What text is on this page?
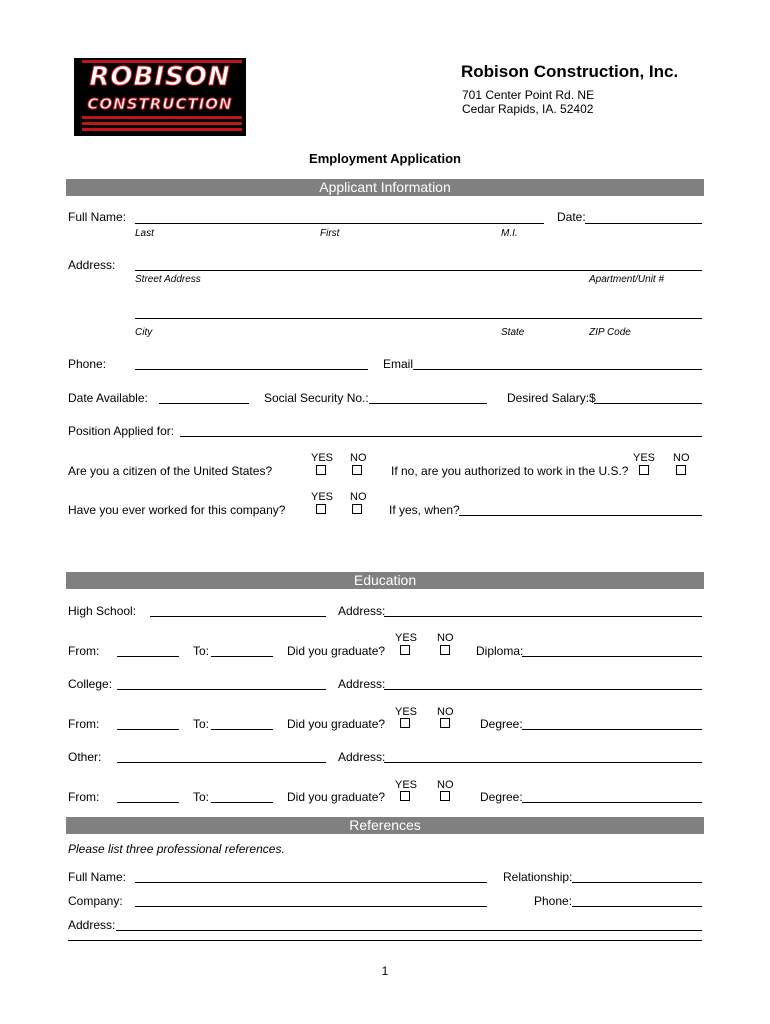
ROBISON
CONSTRUCTION
Robison Construction, Inc.
701 Center Point Rd. NE
Cedar Rapids, IA. 52402
Employment Application
Applicant Information
Full Name:	Date:
Last	First	M.I.
Address:
Street Address	Apartment/Unit #
City	State	ZIP Code
Phone:	Email
Date Available:	Social Security No.:	Desired Salary:$
Position Applied for:
YES NO
Are you a citizen of the United States?
YES NO
If no, are you authorized to work in the U.S.?
YES NO
Have you ever worked for this company?	If yes, when?
Education
High School:	Address:
YES NO
From:	To:	Did you graduate?	Diploma:
College:	Address:
YES NO
From:	To:	Did you graduate?	Degree:
Other:	Address:
YES NO
From:	To:	Did you graduate?	Degree:
References
Please list three professional references.
Full Name:	Relationship:
Company:	Phone:
Address:
1
